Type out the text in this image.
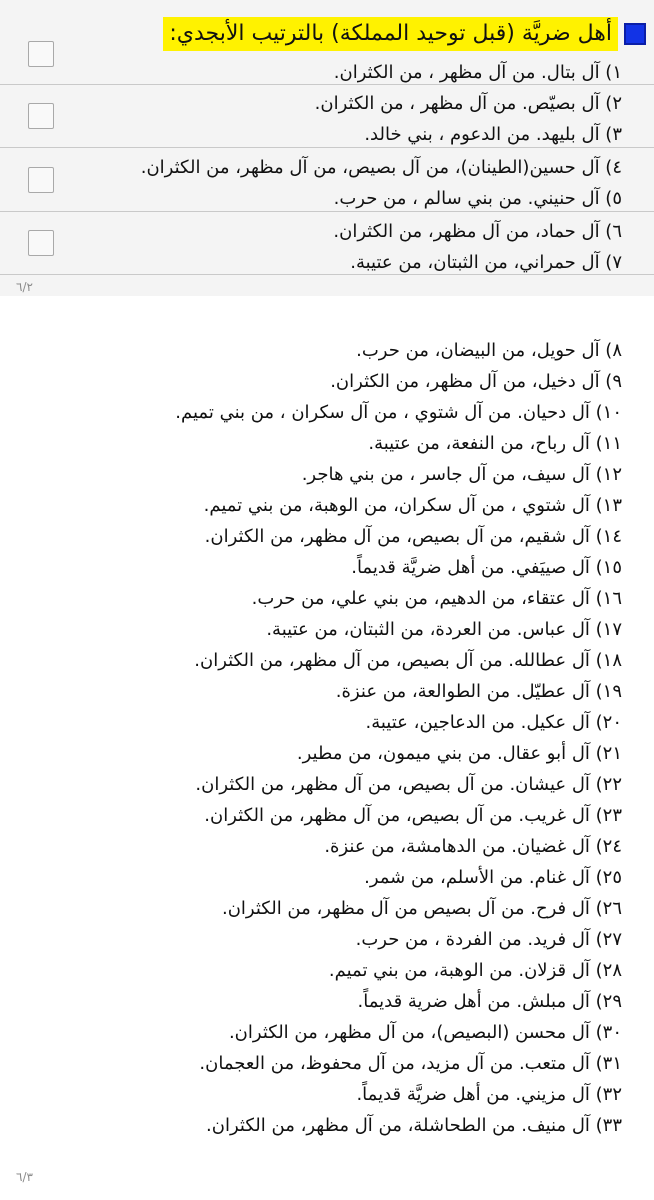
أهل ضريَّة (قبل توحيد المملكة) بالترتيب الأبجدي:
١) آل بتال. من آل مظهر ، من الكثران.
٢) آل بصيّص. من آل مظهر ، من الكثران.
٣) آل بليهد. من الدعوم ، بني خالد.
٤) آل حسين(الطينان)، من آل بصيص، من آل مظهر، من الكثران.
٥) آل حنيني. من بني سالم ، من حرب.
٦) آل حماد، من آل مظهر، من الكثران.
٧) آل حمراني، من الثبتان، من عتيبة.
٦/٢
٨) آل حويل، من البيضان، من حرب.
٩) آل دخيل، من آل مظهر، من الكثران.
١٠) آل دحيان. من آل شتوي ، من آل سكران ، من بني تميم.
١١) آل رباح، من النفعة، من عتيبة.
١٢) آل سيف، من آل جاسر ، من بني هاجر.
١٣) آل شتوي ، من آل سكران، من الوهبة، من بني تميم.
١٤) آل شقيم، من آل بصيص، من آل مظهر، من الكثران.
١٥) آل صييَفي. من أهل ضريَّة قديماً.
١٦) آل عتقاء، من الدهيم، من بني علي، من حرب.
١٧) آل عباس. من العردة، من الثبتان، من عتيبة.
١٨) آل عطالله. من آل بصيص، من آل مظهر، من الكثران.
١٩) آل عطيّل. من الطوالعة، من عنزة.
٢٠) آل عكيل. من الدعاجين، عتيبة.
٢١) آل أبو عقال. من بني ميمون، من مطير.
٢٢) آل عيشان. من آل بصيص، من آل مظهر، من الكثران.
٢٣) آل غريب. من آل بصيص، من آل مظهر، من الكثران.
٢٤) آل غضيان. من الدهامشة، من عنزة.
٢٥) آل غنام. من الأسلم، من شمر.
٢٦) آل فرح. من آل بصيص من آل مظهر، من الكثران.
٢٧) آل فريد. من الفردة ، من حرب.
٢٨) آل قزلان. من الوهبة، من بني تميم.
٢٩) آل مبلش. من أهل ضرية قديماً.
٣٠) آل محسن (البصيص)، من آل مظهر، من الكثران.
٣١) آل متعب. من آل مزيد، من آل محفوظ، من العجمان.
٣٢) آل مزيني. من أهل ضريَّة قديماً.
٣٣) آل منيف. من الطحاشلة، من آل مظهر، من الكثران.
٦/٣
